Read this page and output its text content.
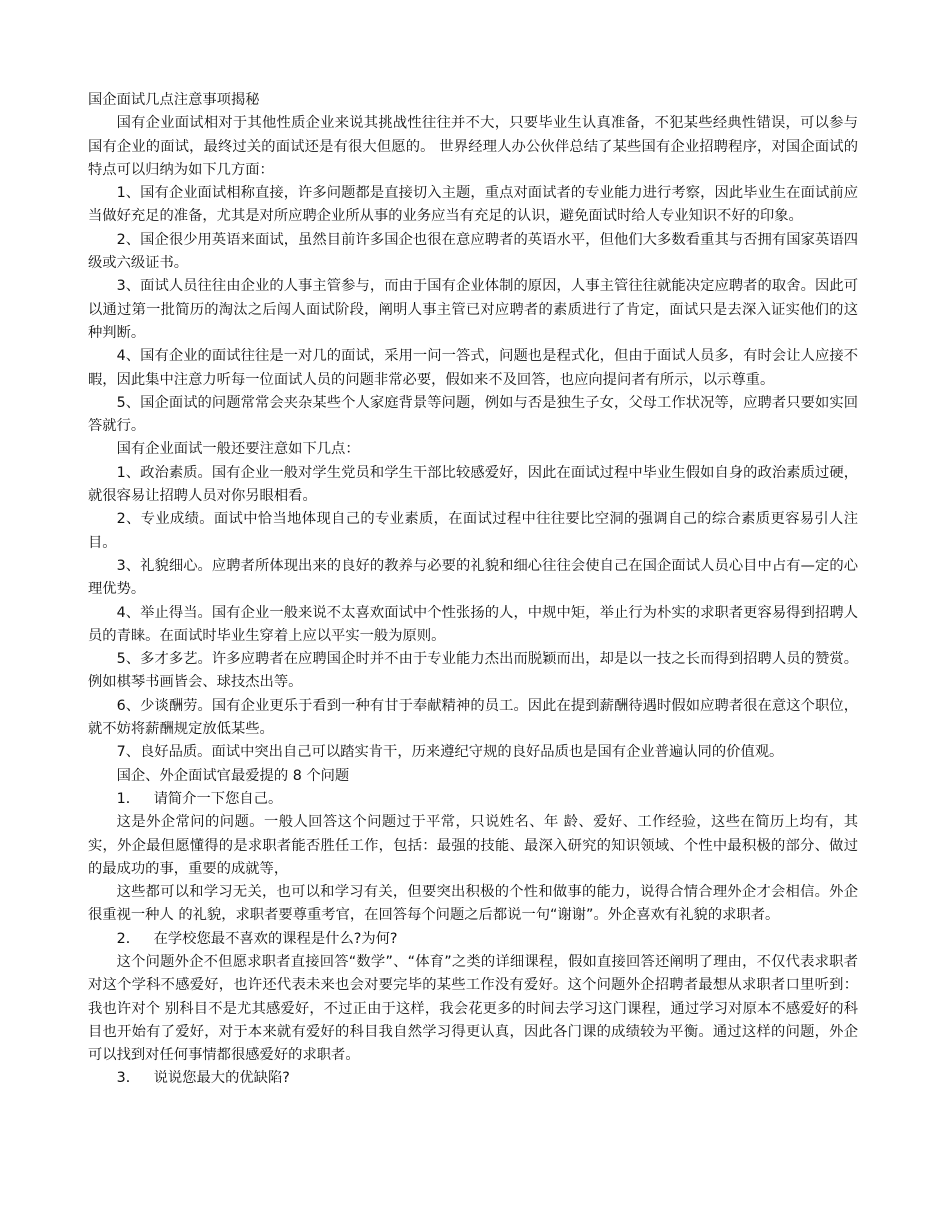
国企面试几点注意事项揭秘

国有企业面试相对于其他性质企业来说其挑战性往往并不大，只要毕业生认真准备，不犯某些经典性错误，可以参与国有企业的面试，最终过关的面试还是有很大但愿的。 世界经理人办公伙伴总结了某些国有企业招聘程序，对国企面试的特点可以归纳为如下几方面：

1、国有企业面试相称直接，许多问题都是直接切入主题，重点对面试者的专业能力进行考察，因此毕业生在面试前应当做好充足的准备，尤其是对所应聘企业所从事的业务应当有充足的认识，避免面试时给人专业知识不好的印象。

2、国企很少用英语来面试，虽然目前许多国企也很在意应聘者的英语水平，但他们大多数看重其与否拥有国家英语四级或六级证书。

3、面试人员往往由企业的人事主管参与，而由于国有企业体制的原因，人事主管往往就能决定应聘者的取舍。因此可以通过第一批简历的淘汰之后闯人面试阶段，阐明人事主管已对应聘者的素质进行了肯定，面试只是去深入证实他们的这种判断。

4、国有企业的面试往往是一对几的面试，采用一问一答式，问题也是程式化，但由于面试人员多，有时会让人应接不暇，因此集中注意力听每一位面试人员的问题非常必要，假如来不及回答，也应向提问者有所示，以示尊重。

5、国企面试的问题常常会夹杂某些个人家庭背景等问题，例如与否是独生子女，父母工作状况等，应聘者只要如实回答就行。

国有企业面试一般还要注意如下几点：

1、政治素质。国有企业一般对学生党员和学生干部比较感爱好，因此在面试过程中毕业生假如自身的政治素质过硬，就很容易让招聘人员对你另眼相看。

2、专业成绩。面试中恰当地体现自己的专业素质，在面试过程中往往要比空洞的强调自己的综合素质更容易引人注目。

3、礼貌细心。应聘者所体现出来的良好的教养与必要的礼貌和细心往往会使自己在国企面试人员心目中占有—定的心理优势。

4、举止得当。国有企业一般来说不太喜欢面试中个性张扬的人，中规中矩，举止行为朴实的求职者更容易得到招聘人员的青睐。在面试时毕业生穿着上应以平实一般为原则。

5、多才多艺。许多应聘者在应聘国企时并不由于专业能力杰出而脱颖而出，却是以一技之长而得到招聘人员的赞赏。例如棋琴书画皆会、球技杰出等。

6、少谈酬劳。国有企业更乐于看到一种有甘于奉献精神的员工。因此在提到薪酬待遇时假如应聘者很在意这个职位，就不妨将薪酬规定放低某些。

7、良好品质。面试中突出自己可以踏实肯干，历来遵纪守规的良好品质也是国有企业普遍认同的价值观。

国企、外企面试官最爱提的 8 个问题

1． 请简介一下您自己。

这是外企常问的问题。一般人回答这个问题过于平常，只说姓名、年 龄、爱好、工作经验，这些在简历上均有，其实，外企最但愿懂得的是求职者能否胜任工作，包括：最强的技能、最深入研究的知识领域、个性中最积极的部分、做过的最成功的事，重要的成就等，

这些都可以和学习无关，也可以和学习有关，但要突出积极的个性和做事的能力，说得合情合理外企才会相信。外企很重视一种人 的礼貌，求职者要尊重考官，在回答每个问题之后都说一句“谢谢”。外企喜欢有礼貌的求职者。

2． 在学校您最不喜欢的课程是什么?为何?

这个问题外企不但愿求职者直接回答“数学”、“体育”之类的详细课程，假如直接回答还阐明了理由，不仅代表求职者对这个学科不感爱好，也许还代表未来也会对要完毕的某些工作没有爱好。这个问题外企招聘者最想从求职者口里听到：我也许对个 别科目不是尤其感爱好，不过正由于这样，我会花更多的时间去学习这门课程，通过学习对原本不感爱好的科目也开始有了爱好，对于本来就有爱好的科目我自然学习得更认真，因此各门课的成绩较为平衡。通过这样的问题，外企可以找到对任何事情都很感爱好的求职者。

3． 说说您最大的优缺陷?
